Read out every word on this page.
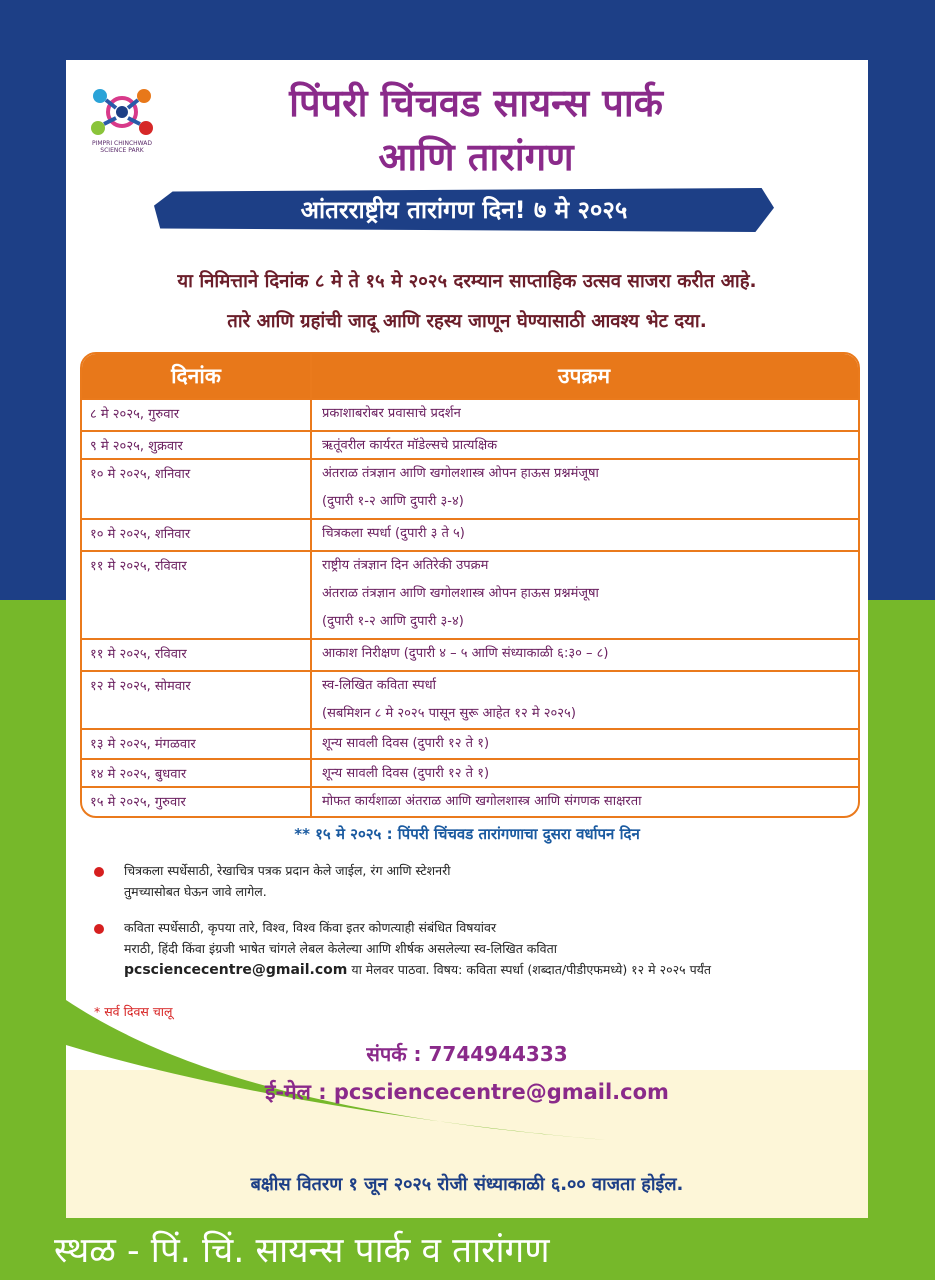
PIMPRI CHINCHWAD SCIENCE PARK
पिंपरी चिंचवड सायन्स पार्क
आणि तारांगण
आंतरराष्ट्रीय तारांगण दिन! ७ मे २०२५
या निमित्ताने दिनांक ८ मे ते १५ मे २०२५ दरम्यान साप्ताहिक उत्सव साजरा करीत आहे.
तारे आणि ग्रहांची जादू आणि रहस्य जाणून घेण्यासाठी आवश्य भेट दया.
दिनांक	उपक्रम
८ मे २०२५, गुरुवार	प्रकाशाबरोबर प्रवासाचे प्रदर्शन
९ मे २०२५, शुक्रवार	ऋतूंवरील कार्यरत मॉडेल्सचे प्रात्यक्षिक
१० मे २०२५, शनिवार	अंतराळ तंत्रज्ञान आणि खगोलशास्त्र ओपन हाऊस प्रश्नमंजूषा
(दुपारी १-२ आणि दुपारी ३-४)
१० मे २०२५, शनिवार	चित्रकला स्पर्धा (दुपारी ३ ते ५)
११ मे २०२५, रविवार	राष्ट्रीय तंत्रज्ञान दिन अतिरेकी उपक्रम
अंतराळ तंत्रज्ञान आणि खगोलशास्त्र ओपन हाऊस प्रश्नमंजूषा
(दुपारी १-२ आणि दुपारी ३-४)
११ मे २०२५, रविवार	आकाश निरीक्षण (दुपारी ४ – ५ आणि संध्याकाळी ६:३० – ८)
१२ मे २०२५, सोमवार	स्व-लिखित कविता स्पर्धा
(सबमिशन ८ मे २०२५ पासून सुरू आहेत १२ मे २०२५)
१३ मे २०२५, मंगळवार	शून्य सावली दिवस (दुपारी १२ ते १)
१४ मे २०२५, बुधवार	शून्य सावली दिवस (दुपारी १२ ते १)
१५ मे २०२५, गुरुवार	मोफत कार्यशाळा अंतराळ आणि खगोलशास्त्र आणि संगणक साक्षरता
** १५ मे २०२५ : पिंपरी चिंचवड तारांगणाचा दुसरा वर्धापन दिन
चित्रकला स्पर्धेसाठी, रेखाचित्र पत्रक प्रदान केले जाईल, रंग आणि स्टेशनरी
तुमच्यासोबत घेऊन जावे लागेल.
कविता स्पर्धेसाठी, कृपया तारे, विश्व, विश्व किंवा इतर कोणत्याही संबंधित विषयांवर
मराठी, हिंदी किंवा इंग्रजी भाषेत चांगले लेबल केलेल्या आणि शीर्षक असलेल्या स्व-लिखित कविता
pcsciencecentre@gmail.com या मेलवर पाठवा. विषय: कविता स्पर्धा (शब्दात/पीडीएफमध्ये) १२ मे २०२५ पर्यंत
* सर्व दिवस चालू
संपर्क : 7744944333
ई-मेल : pcsciencecentre@gmail.com
बक्षीस वितरण १ जून २०२५ रोजी संध्याकाळी ६.०० वाजता होईल.
स्थळ - पिं. चिं. सायन्स पार्क व तारांगण
